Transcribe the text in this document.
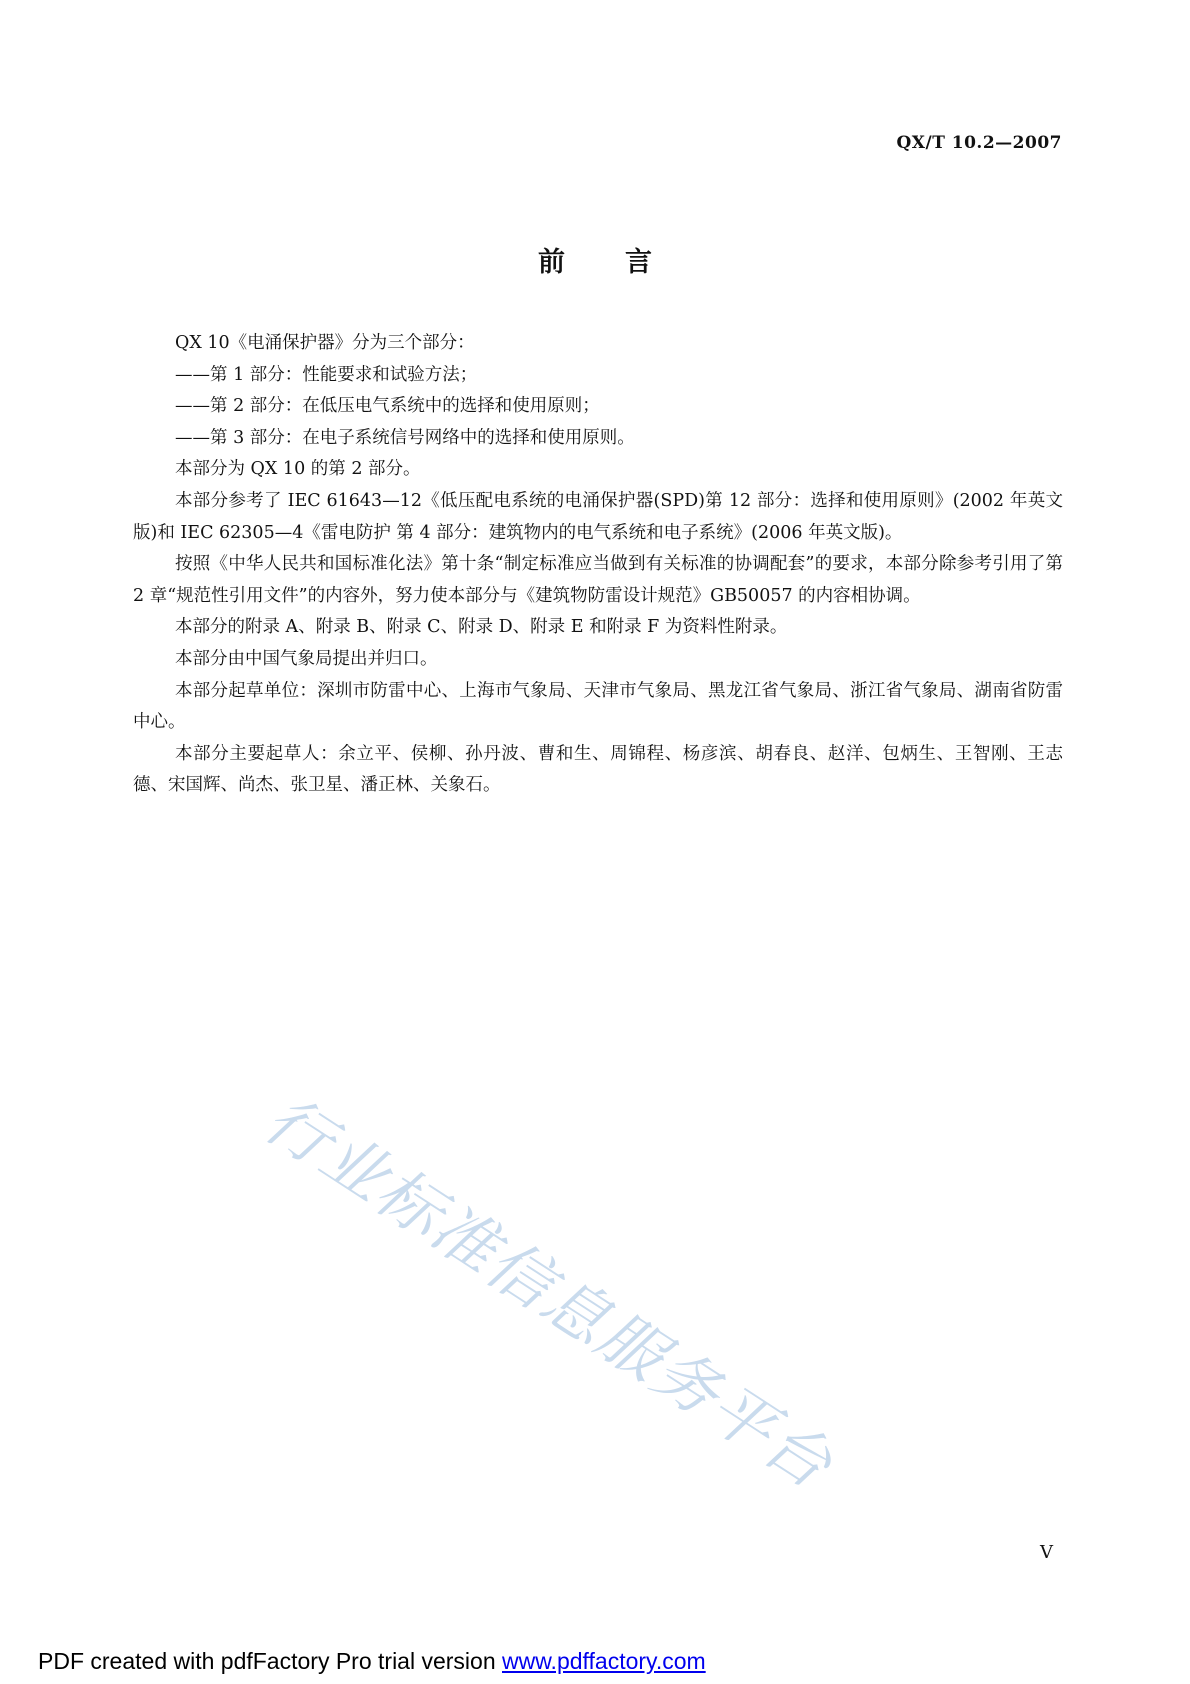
QX/T 10.2—2007
前言

QX 10《电涌保护器》分为三个部分：

——第 1 部分：性能要求和试验方法；

——第 2 部分：在低压电气系统中的选择和使用原则；

——第 3 部分：在电子系统信号网络中的选择和使用原则。

本部分为 QX 10 的第 2 部分。

本部分参考了 IEC 61643—12《低压配电系统的电涌保护器(SPD)第 12 部分：选择和使用原则》(2002 年英文版)和 IEC 62305—4《雷电防护 第 4 部分：建筑物内的电气系统和电子系统》(2006 年英文版)。

按照《中华人民共和国标准化法》第十条“制定标准应当做到有关标准的协调配套”的要求，本部分除参考引用了第 2 章“规范性引用文件”的内容外，努力使本部分与《建筑物防雷设计规范》GB50057 的内容相协调。

本部分的附录 A、附录 B、附录 C、附录 D、附录 E 和附录 F 为资料性附录。

本部分由中国气象局提出并归口。

本部分起草单位：深圳市防雷中心、上海市气象局、天津市气象局、黑龙江省气象局、浙江省气象局、湖南省防雷中心。

本部分主要起草人：余立平、侯柳、孙丹波、曹和生、周锦程、杨彦滨、胡春良、赵洋、包炳生、王智刚、王志德、宋国辉、尚杰、张卫星、潘正林、关象石。

行业标准信息服务平台
V
PDF created with pdfFactory Pro trial version www.pdffactory.com
